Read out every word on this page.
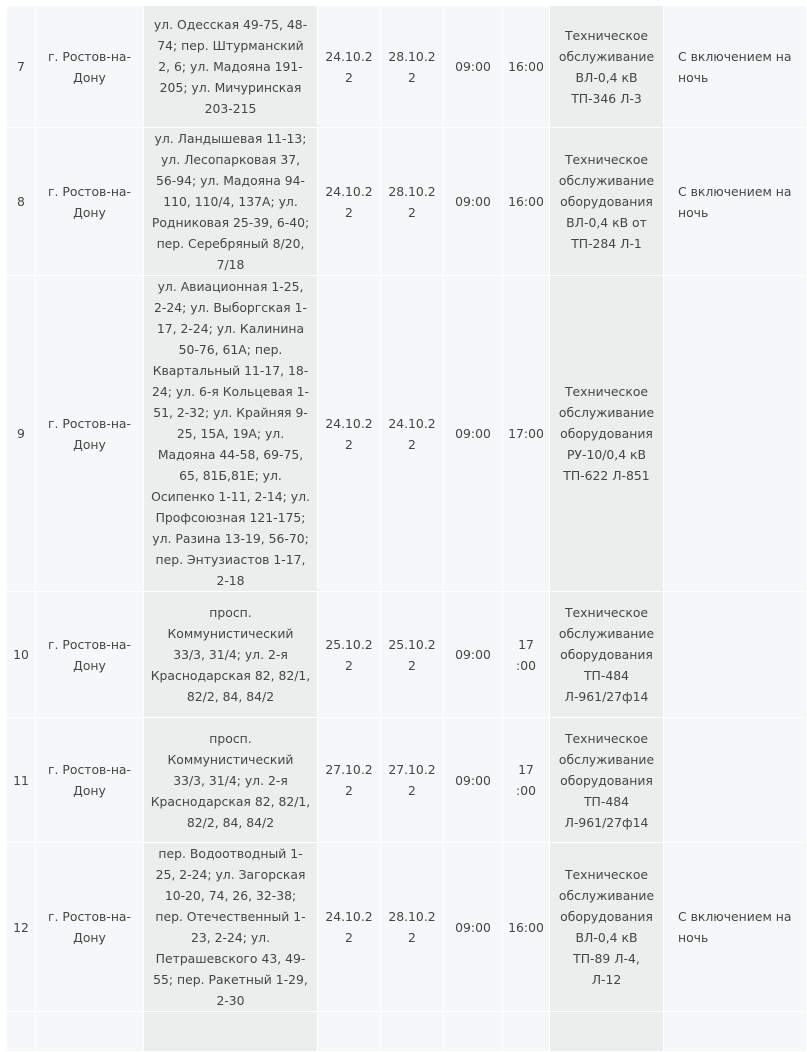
7	г. Ростов-на-Дону	ул. Одесская 49-75, 48-74; пер. Штурманский 2, 6; ул. Мадояна 191-205; ул. Мичуринская 203-215	24.10.22	28.10.22	09:00	16:00	Техническое обслуживание ВЛ-0,4 кВ ТП-346 Л-3	С включением на ночь
8	г. Ростов-на-Дону	ул. Ландышевая 11-13; ул. Лесопарковая 37, 56-94; ул. Мадояна 94-110, 110/4, 137А; ул. Родниковая 25-39, 6-40; пер. Серебряный 8/20, 7/18	24.10.22	28.10.22	09:00	16:00	Техническое обслуживание оборудования ВЛ-0,4 кВ от ТП-284 Л-1	С включением на ночь
9	г. Ростов-на-Дону	ул. Авиационная 1-25, 2-24; ул. Выборгская 1-17, 2-24; ул. Калинина 50-76, 61А; пер. Квартальный 11-17, 18-24; ул. 6-я Кольцевая 1-51, 2-32; ул. Крайняя 9-25, 15А, 19А; ул. Мадояна 44-58, 69-75, 65, 81Б,81Е; ул. Осипенко 1-11, 2-14; ул. Профсоюзная 121-175; ул. Разина 13-19, 56-70; пер. Энтузиастов 1-17, 2-18	24.10.22	24.10.22	09:00	17:00	Техническое обслуживание оборудования РУ-10/0,4 кВ ТП-622 Л-851	
10	г. Ростов-на-Дону	просп. Коммунистический 33/3, 31/4; ул. 2-я Краснодарская 82, 82/1, 82/2, 84, 84/2	25.10.22	25.10.22	09:00	17 :00	Техническое обслуживание оборудования ТП-484 Л-961/27ф14	
11	г. Ростов-на-Дону	просп. Коммунистический 33/3, 31/4; ул. 2-я Краснодарская 82, 82/1, 82/2, 84, 84/2	27.10.22	27.10.22	09:00	17 :00	Техническое обслуживание оборудования ТП-484 Л-961/27ф14	
12	г. Ростов-на-Дону	пер. Водоотводный 1-25, 2-24; ул. Загорская 10-20, 74, 26, 32-38; пер. Отечественный 1-23, 2-24; ул. Петрашевского 43, 49-55; пер. Ракетный 1-29, 2-30	24.10.22	28.10.22	09:00	16:00	Техническое обслуживание оборудования ВЛ-0,4 кВ ТП-89 Л-4, Л-12	С включением на ночь
